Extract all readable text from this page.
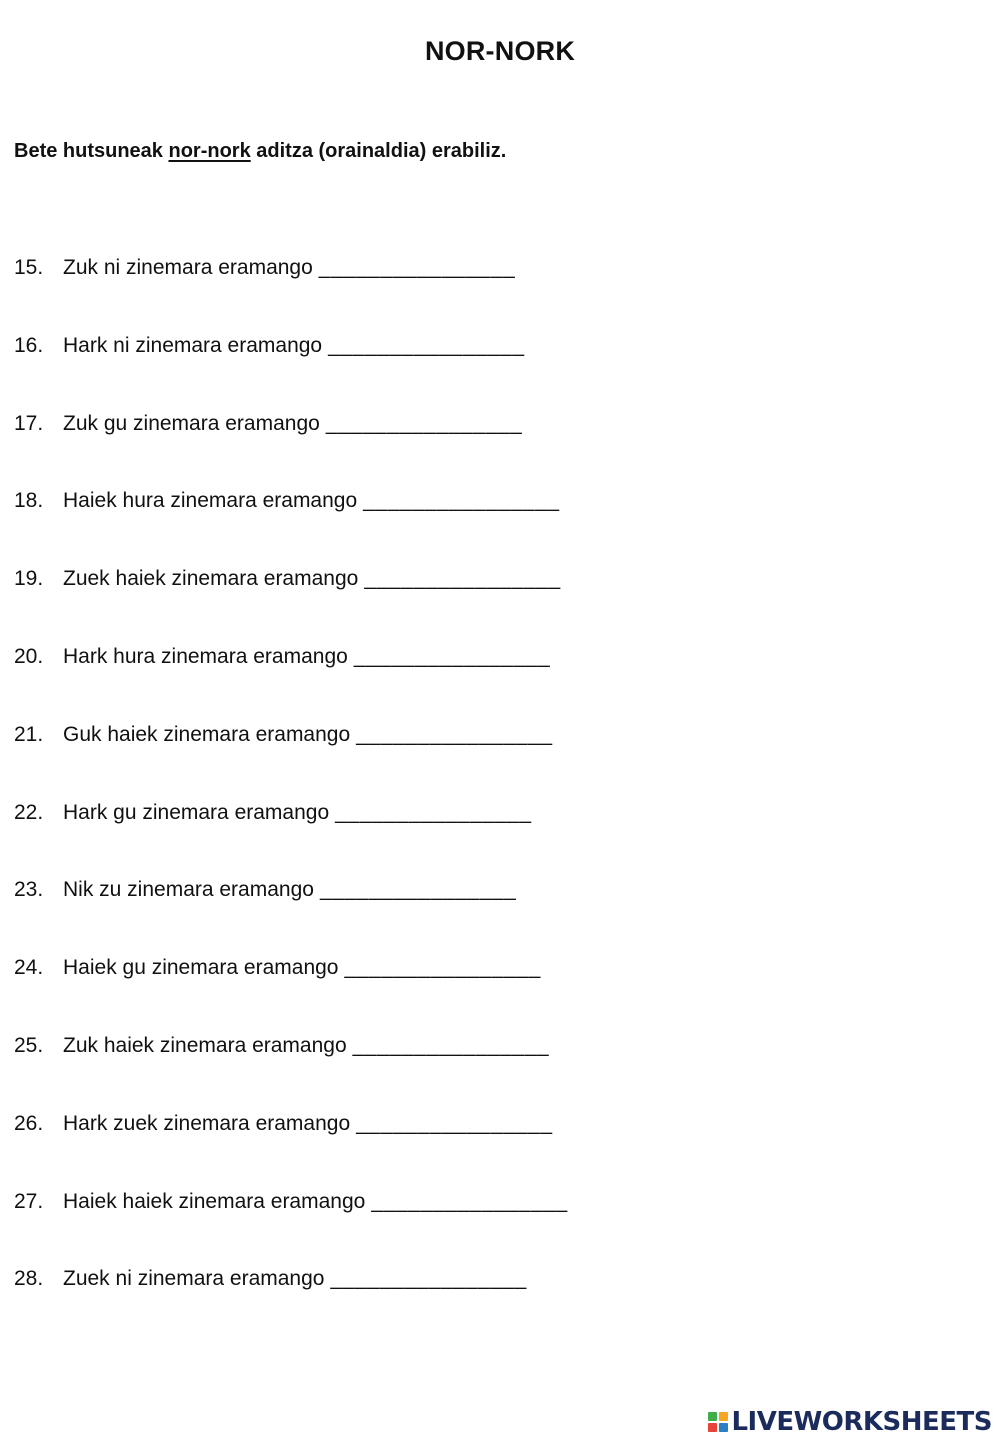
NOR-NORK
Bete hutsuneak nor-nork aditza (orainaldia) erabiliz.
15. Zuk ni zinemara eramango ________________
16. Hark ni zinemara eramango ________________
17. Zuk gu zinemara eramango ________________
18. Haiek hura zinemara eramango ________________
19. Zuek haiek zinemara eramango ________________
20. Hark hura zinemara eramango ________________
21. Guk haiek zinemara eramango ________________
22. Hark gu zinemara eramango ________________
23. Nik zu zinemara eramango ________________
24. Haiek gu zinemara eramango ________________
25. Zuk haiek zinemara eramango ________________
26. Hark zuek zinemara eramango ________________
27. Haiek haiek zinemara eramango ________________
28. Zuek ni zinemara eramango ________________
LIVEWORKSHEETS
